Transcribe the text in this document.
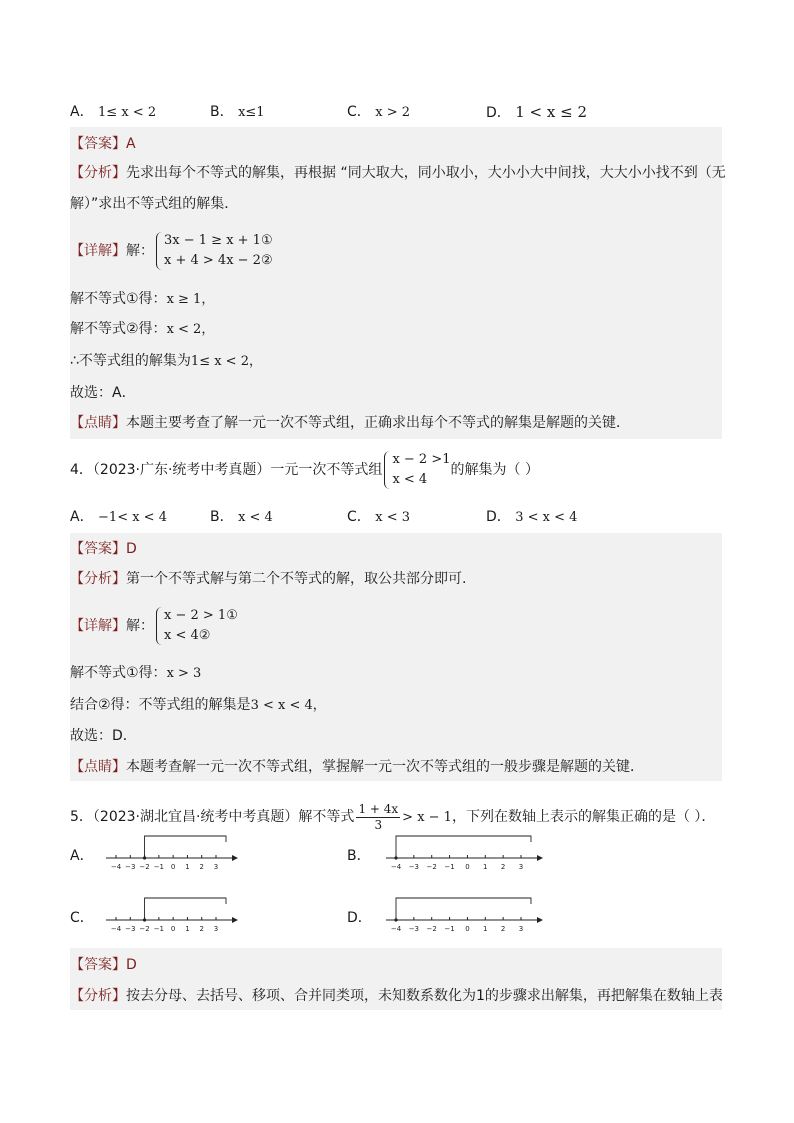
A． 1≤ x < 2	B． x≤1	C． x > 2	D． 1 < x ≤ 2
【答案】A
【分析】先求出每个不等式的解集，再根据 “同大取大，同小取小，大小小大中间找，大大小小找不到（无
解）”求出不等式组的解集．
【详解】解：
3x − 1 ≥ x + 1①
x + 4 > 4x − 2②
解不等式①得：x ≥ 1，
解不等式②得：x < 2，
∴不等式组的解集为1≤ x < 2，
故选：A．
【点睛】本题主要考查了解一元一次不等式组，正确求出每个不等式的解集是解题的关键．
4．（2023·广东·统考中考真题）一元一次不等式组
x − 2 >1
x < 4
的解集为（ ）
A． −1< x < 4	B． x < 4	C． x < 3	D． 3 < x < 4
【答案】D
【分析】第一个不等式解与第二个不等式的解，取公共部分即可.
【详解】解：
x − 2 > 1①
x < 4②
解不等式①得：x > 3
结合②得：不等式组的解集是3 < x < 4，
故选：D．
【点睛】本题考查解一元一次不等式组，掌握解一元一次不等式组的一般步骤是解题的关键．
5．（2023·湖北宜昌·统考中考真题）解不等式 $\frac{1 + 4x}{3} > x - 1$，下列在数轴上表示的解集正确的是（ ）．
A．
−4 −3 −2 −1 0 1 2 3
B．
−4 −3 −2 −1 0 1 2 3
C．
−4 −3 −2 −1 0 1 2 3
D．
−4 −3 −2 −1 0 1 2 3
【答案】D
【分析】按去分母、去括号、移项、合并同类项，未知数系数化为1的步骤求出解集，再把解集在数轴上表
